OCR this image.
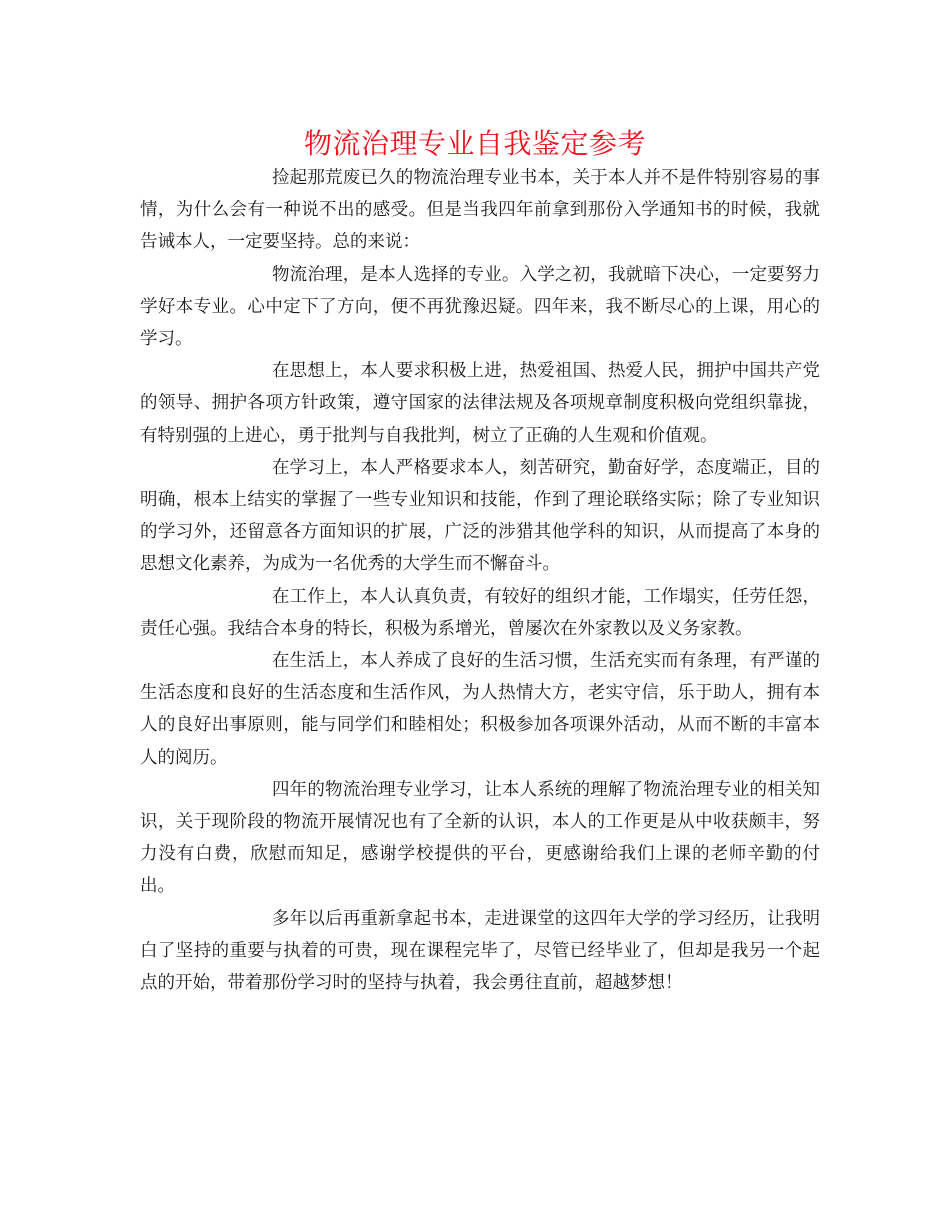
物流治理专业自我鉴定参考

捡起那荒废已久的物流治理专业书本，关于本人并不是件特别容易的事情，为什么会有一种说不出的感受。但是当我四年前拿到那份入学通知书的时候，我就告诫本人，一定要坚持。总的来说：

物流治理，是本人选择的专业。入学之初，我就暗下决心，一定要努力学好本专业。心中定下了方向，便不再犹豫迟疑。四年来，我不断尽心的上课，用心的学习。

在思想上，本人要求积极上进，热爱祖国、热爱人民，拥护中国共产党的领导、拥护各项方针政策，遵守国家的法律法规及各项规章制度积极向党组织靠拢，有特别强的上进心，勇于批判与自我批判，树立了正确的人生观和价值观。

在学习上，本人严格要求本人，刻苦研究，勤奋好学，态度端正，目的明确，根本上结实的掌握了一些专业知识和技能，作到了理论联络实际；除了专业知识的学习外，还留意各方面知识的扩展，广泛的涉猎其他学科的知识，从而提高了本身的思想文化素养，为成为一名优秀的大学生而不懈奋斗。

在工作上，本人认真负责，有较好的组织才能，工作塌实，任劳任怨，责任心强。我结合本身的特长，积极为系增光，曾屡次在外家教以及义务家教。

在生活上，本人养成了良好的生活习惯，生活充实而有条理，有严谨的生活态度和良好的生活态度和生活作风，为人热情大方，老实守信，乐于助人，拥有本人的良好出事原则，能与同学们和睦相处；积极参加各项课外活动，从而不断的丰富本人的阅历。

四年的物流治理专业学习，让本人系统的理解了物流治理专业的相关知识，关于现阶段的物流开展情况也有了全新的认识，本人的工作更是从中收获颇丰，努力没有白费，欣慰而知足，感谢学校提供的平台，更感谢给我们上课的老师辛勤的付出。

多年以后再重新拿起书本，走进课堂的这四年大学的学习经历，让我明白了坚持的重要与执着的可贵，现在课程完毕了，尽管已经毕业了，但却是我另一个起点的开始，带着那份学习时的坚持与执着，我会勇往直前，超越梦想！
